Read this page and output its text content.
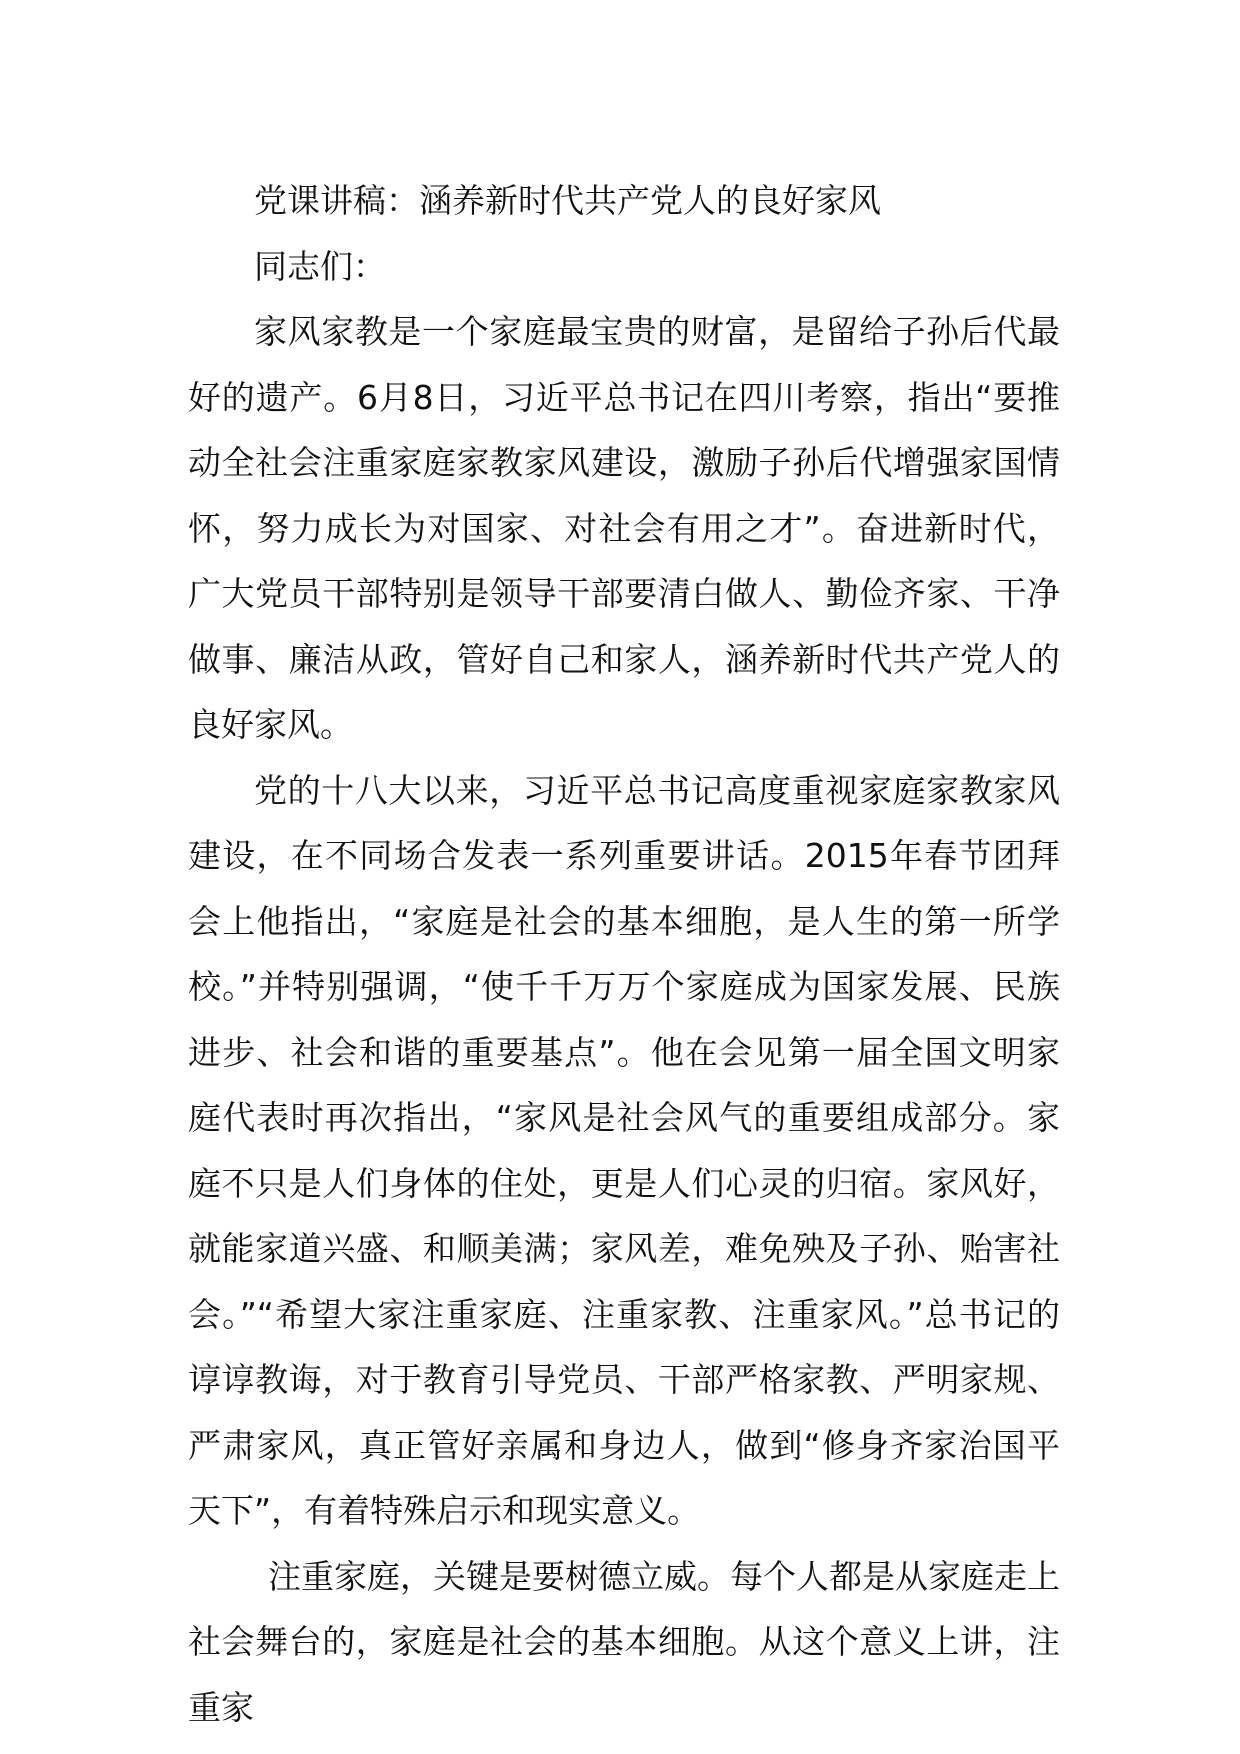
党课讲稿：涵养新时代共产党人的良好家风

同志们：

家风家教是一个家庭最宝贵的财富，是留给子孙后代最好的遗产。6月8日，习近平总书记在四川考察，指出“要推动全社会注重家庭家教家风建设，激励子孙后代增强家国情怀，努力成长为对国家、对社会有用之才”。奋进新时代，广大党员干部特别是领导干部要清白做人、勤俭齐家、干净做事、廉洁从政，管好自己和家人，涵养新时代共产党人的良好家风。

党的十八大以来，习近平总书记高度重视家庭家教家风建设，在不同场合发表一系列重要讲话。2015年春节团拜会上他指出，“家庭是社会的基本细胞，是人生的第一所学校。”并特别强调，“使千千万万个家庭成为国家发展、民族进步、社会和谐的重要基点”。他在会见第一届全国文明家庭代表时再次指出，“家风是社会风气的重要组成部分。家庭不只是人们身体的住处，更是人们心灵的归宿。家风好，就能家道兴盛、和顺美满；家风差，难免殃及子孙、贻害社会。”“希望大家注重家庭、注重家教、注重家风。”总书记的谆谆教诲，对于教育引导党员、干部严格家教、严明家规、严肃家风，真正管好亲属和身边人，做到“修身齐家治国平天下”，有着特殊启示和现实意义。

注重家庭，关键是要树德立威。每个人都是从家庭走上社会舞台的，家庭是社会的基本细胞。从这个意义上讲，注重家
